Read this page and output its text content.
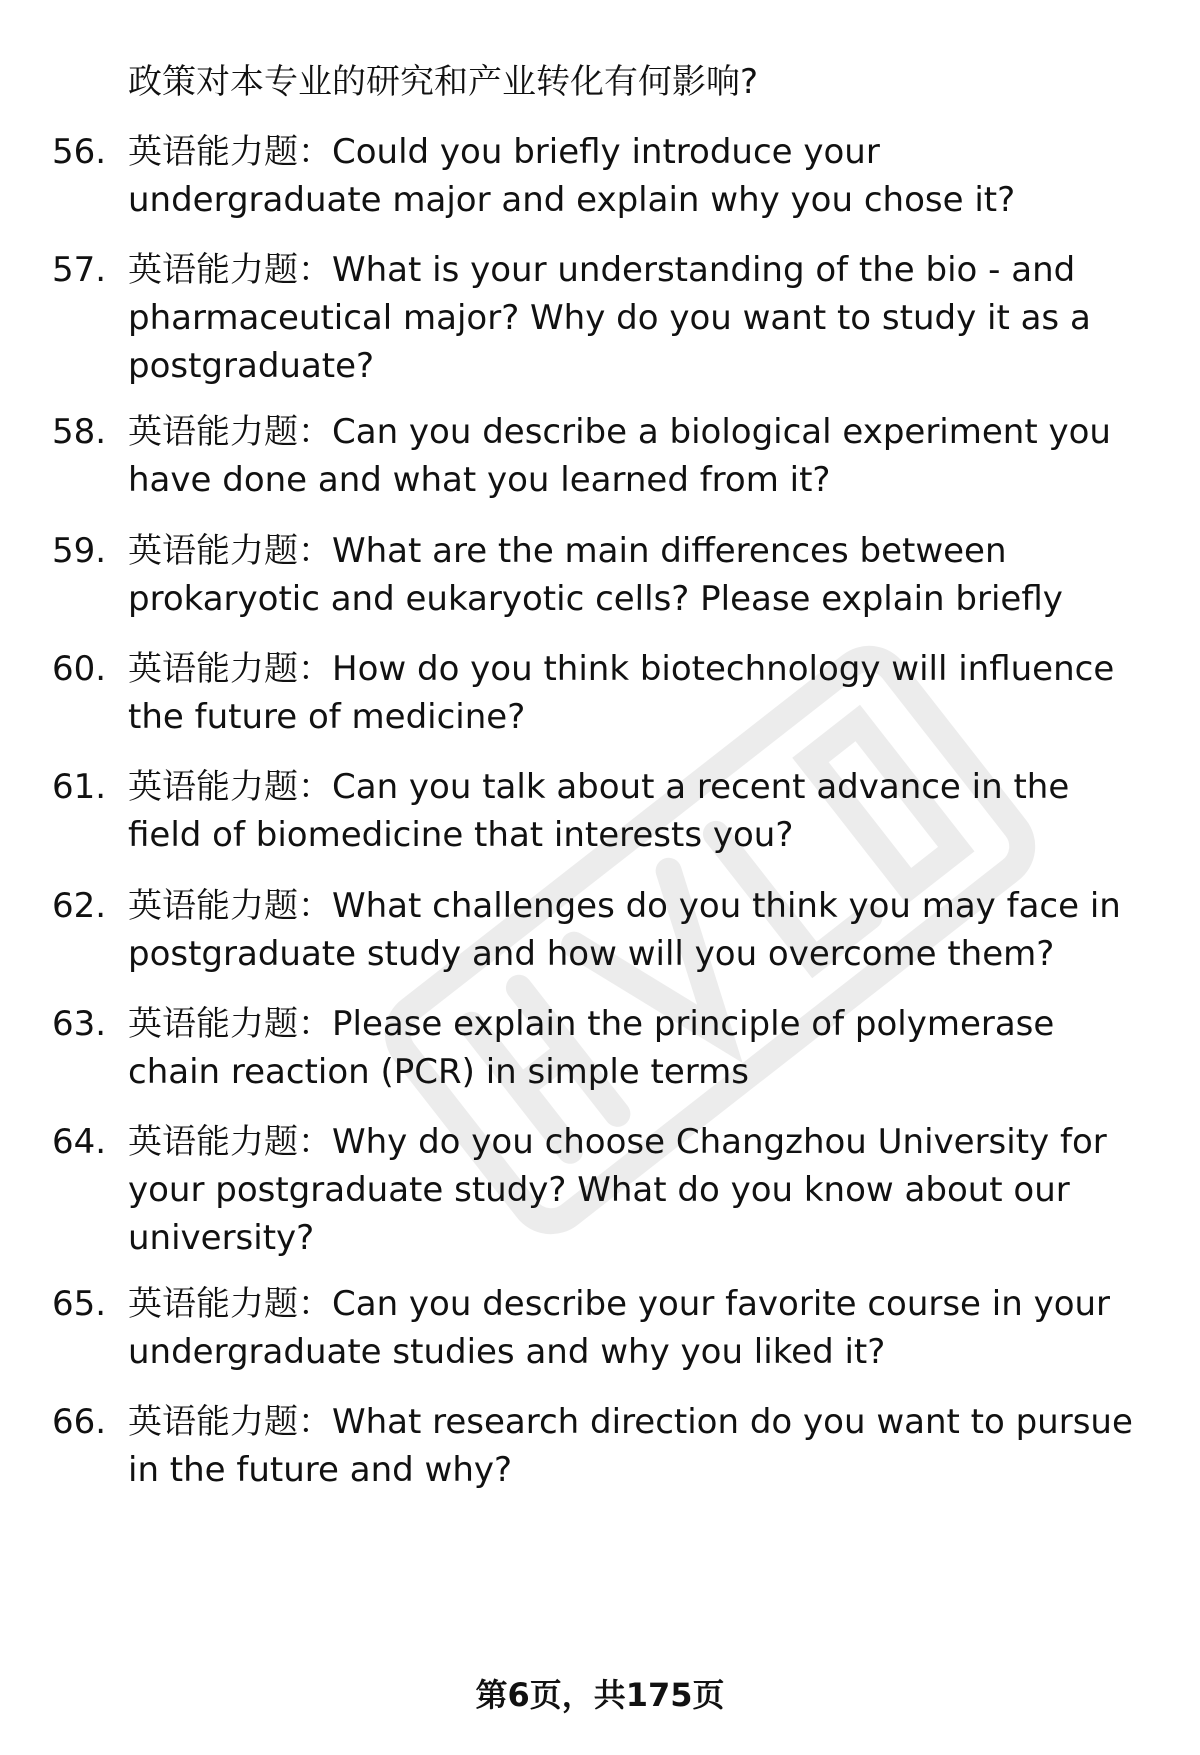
政策对本专业的研究和产业转化有何影响?
56. 英语能力题：Could you briefly introduce your
undergraduate major and explain why you chose it?
57. 英语能力题：What is your understanding of the bio - and
pharmaceutical major? Why do you want to study it as a
postgraduate?
58. 英语能力题：Can you describe a biological experiment you
have done and what you learned from it?
59. 英语能力题：What are the main differences between
prokaryotic and eukaryotic cells? Please explain briefly
60. 英语能力题：How do you think biotechnology will influence
the future of medicine?
61. 英语能力题：Can you talk about a recent advance in the
field of biomedicine that interests you?
62. 英语能力题：What challenges do you think you may face in
postgraduate study and how will you overcome them?
63. 英语能力题：Please explain the principle of polymerase
chain reaction (PCR) in simple terms
64. 英语能力题：Why do you choose Changzhou University for
your postgraduate study? What do you know about our
university?
65. 英语能力题：Can you describe your favorite course in your
undergraduate studies and why you liked it?
66. 英语能力题：What research direction do you want to pursue
in the future and why?
第6页，共175页
